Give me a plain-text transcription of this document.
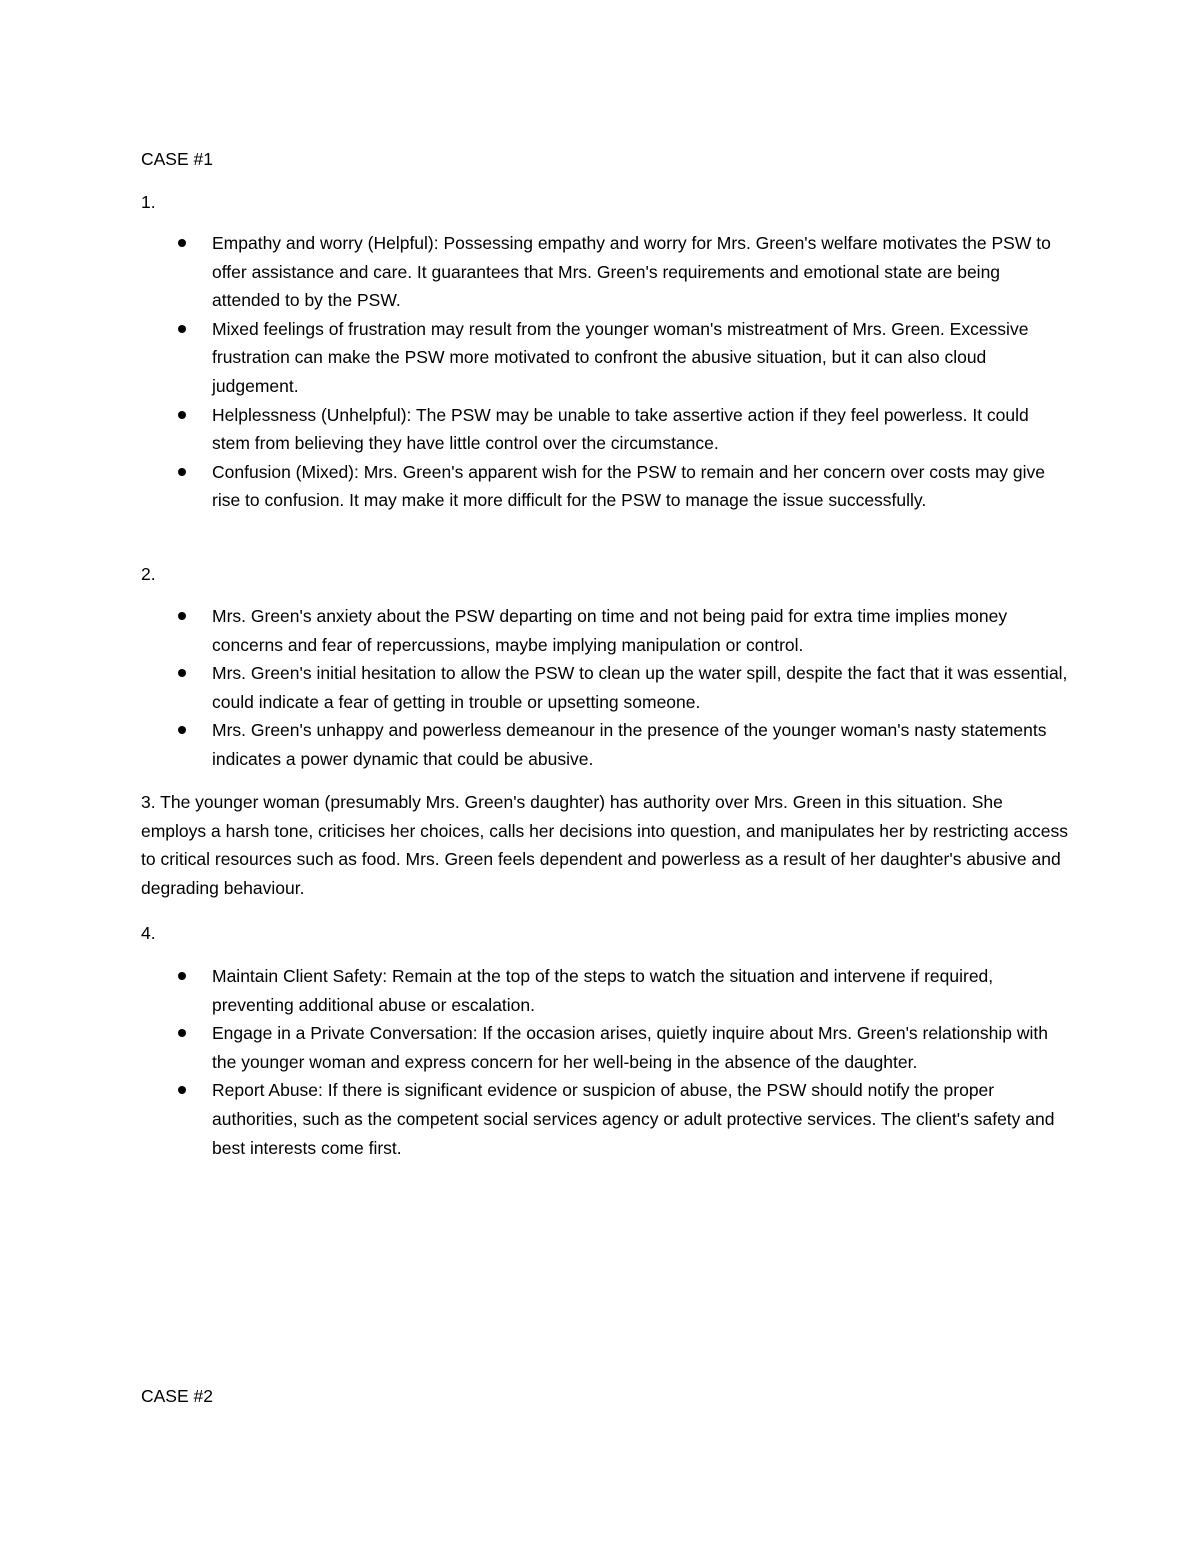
CASE #1

1.

Empathy and worry (Helpful): Possessing empathy and worry for Mrs. Green's welfare motivates the PSW to offer assistance and care. It guarantees that Mrs. Green's requirements and emotional state are being attended to by the PSW.
Mixed feelings of frustration may result from the younger woman's mistreatment of Mrs. Green. Excessive frustration can make the PSW more motivated to confront the abusive situation, but it can also cloud judgement.
Helplessness (Unhelpful): The PSW may be unable to take assertive action if they feel powerless. It could stem from believing they have little control over the circumstance.
Confusion (Mixed): Mrs. Green's apparent wish for the PSW to remain and her concern over costs may give rise to confusion. It may make it more difficult for the PSW to manage the issue successfully.

2.

Mrs. Green's anxiety about the PSW departing on time and not being paid for extra time implies money concerns and fear of repercussions, maybe implying manipulation or control.
Mrs. Green's initial hesitation to allow the PSW to clean up the water spill, despite the fact that it was essential, could indicate a fear of getting in trouble or upsetting someone.
Mrs. Green's unhappy and powerless demeanour in the presence of the younger woman's nasty statements indicates a power dynamic that could be abusive.

3. The younger woman (presumably Mrs. Green's daughter) has authority over Mrs. Green in this situation. She employs a harsh tone, criticises her choices, calls her decisions into question, and manipulates her by restricting access to critical resources such as food. Mrs. Green feels dependent and powerless as a result of her daughter's abusive and degrading behaviour.

4.

Maintain Client Safety: Remain at the top of the steps to watch the situation and intervene if required, preventing additional abuse or escalation.
Engage in a Private Conversation: If the occasion arises, quietly inquire about Mrs. Green's relationship with the younger woman and express concern for her well-being in the absence of the daughter.
Report Abuse: If there is significant evidence or suspicion of abuse, the PSW should notify the proper authorities, such as the competent social services agency or adult protective services. The client's safety and best interests come first.

CASE #2
